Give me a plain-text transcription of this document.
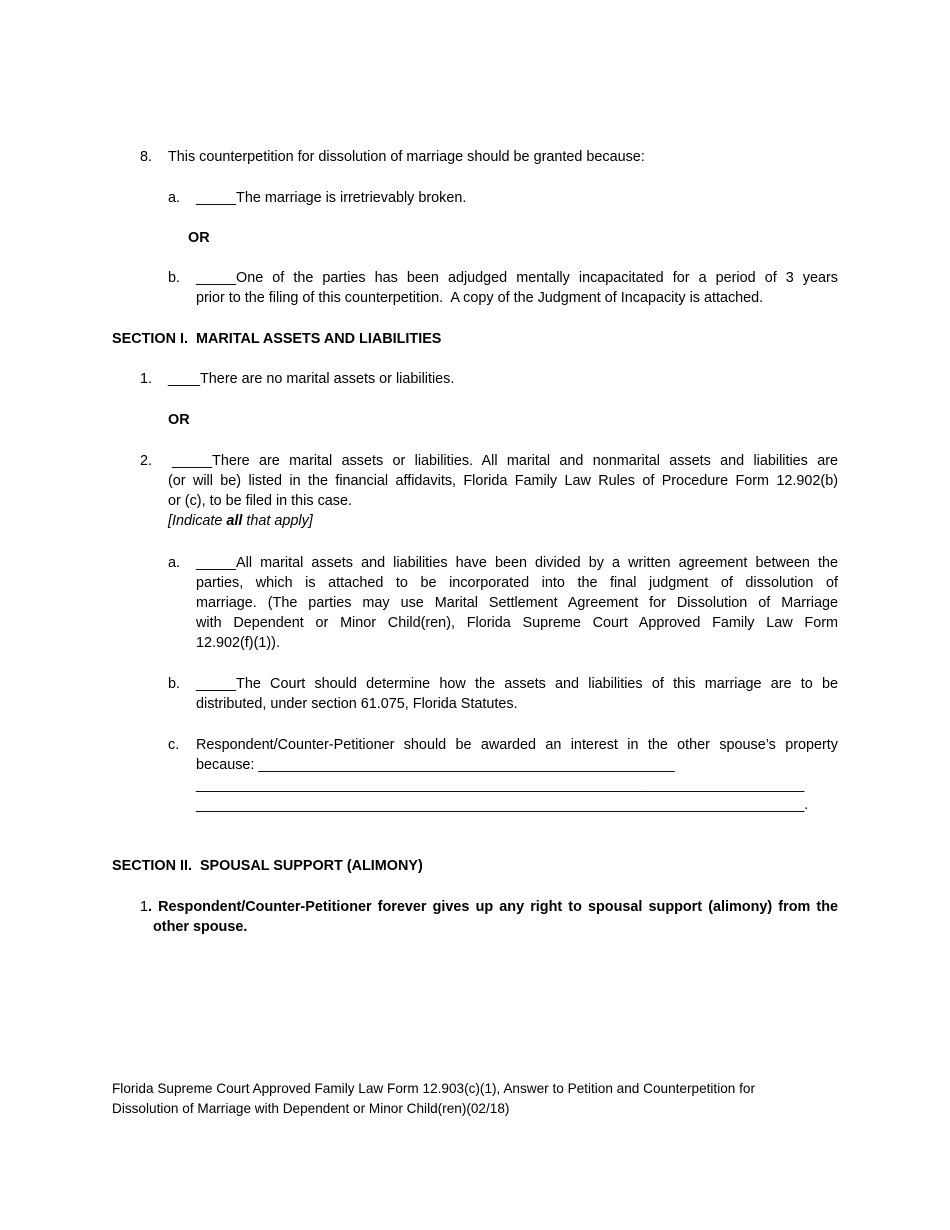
8. This counterpetition for dissolution of marriage should be granted because:
a. _____The marriage is irretrievably broken.
OR
b. _____One of the parties has been adjudged mentally incapacitated for a period of 3 years
prior to the filing of this counterpetition.  A copy of the Judgment of Incapacity is attached.
SECTION I.  MARITAL ASSETS AND LIABILITIES
1. ____There are no marital assets or liabilities.
OR
2. _____There are marital assets or liabilities. All marital and nonmarital assets and liabilities are
(or will be) listed in the financial affidavits, Florida Family Law Rules of Procedure Form 12.902(b)
or (c), to be filed in this case.
[Indicate all that apply]
a. _____All marital assets and liabilities have been divided by a written agreement between the
parties, which is attached to be incorporated into the final judgment of dissolution of
marriage. (The parties may use Marital Settlement Agreement for Dissolution of Marriage
with Dependent or Minor Child(ren), Florida Supreme Court Approved Family Law Form
12.902(f)(1)).
b. _____The Court should determine how the assets and liabilities of this marriage are to be
distributed, under section 61.075, Florida Statutes.
c. Respondent/Counter-Petitioner should be awarded an interest in the other spouse’s property
because: ____________________________________________________
____________________________________________________________________________
____________________________________________________________________________.
SECTION II.  SPOUSAL SUPPORT (ALIMONY)
1 . Respondent/Counter-Petitioner forever gives up any right to spousal support (alimony) from the
other spouse.
Florida Supreme Court Approved Family Law Form 12.903(c)(1), Answer to Petition and Counterpetition for
Dissolution of Marriage with Dependent or Minor Child(ren)(02/18)
